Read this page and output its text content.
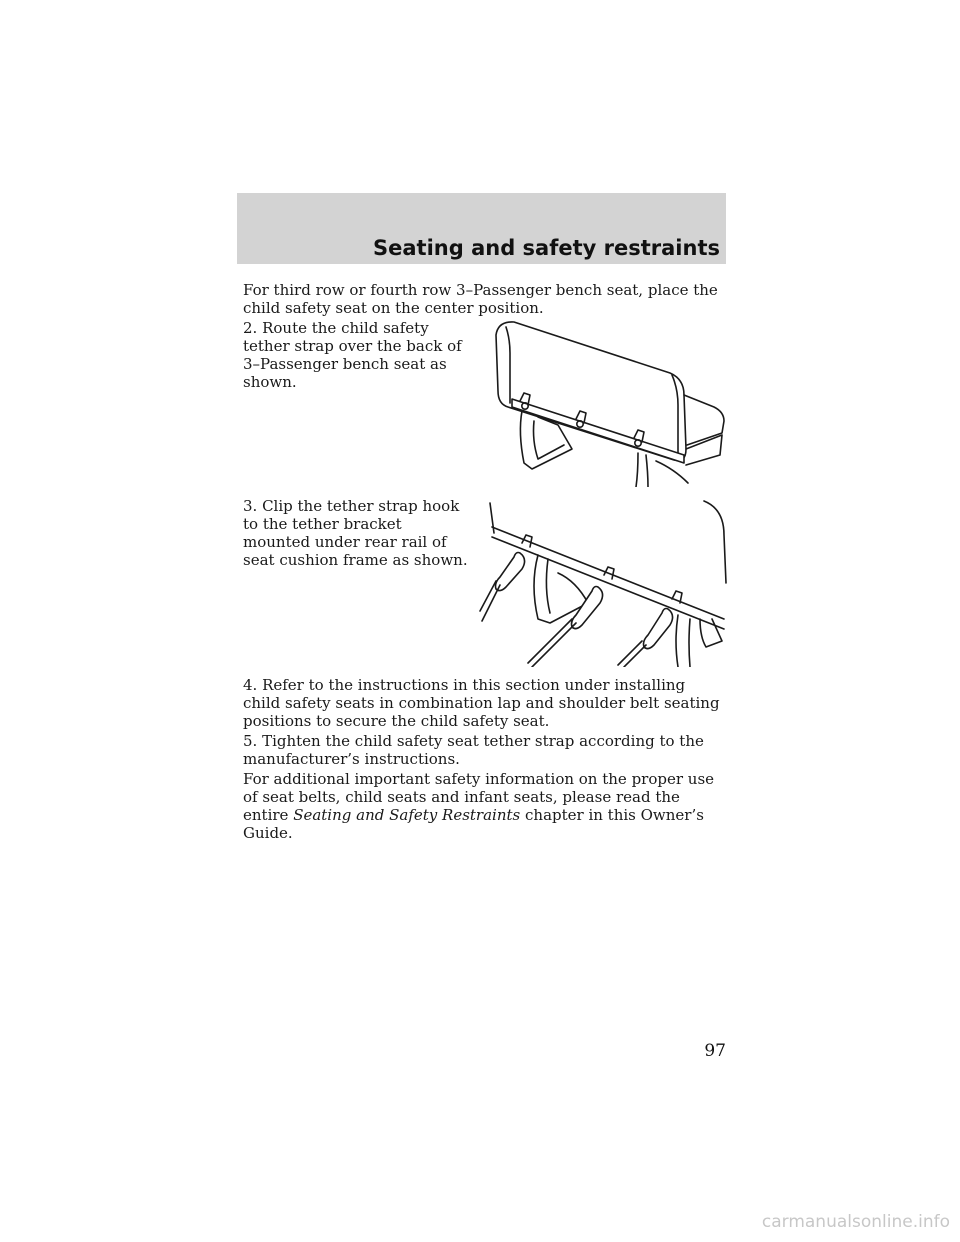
Seating and safety restraints

For third row or fourth row 3–Passenger bench seat, place the child safety seat on the center position.

2. Route the child safety tether strap over the back of 3–Passenger bench seat as shown.

3. Clip the tether strap hook to the tether bracket mounted under rear rail of seat cushion frame as shown.

4. Refer to the instructions in this section under installing child safety seats in combination lap and shoulder belt seating positions to secure the child safety seat.

5. Tighten the child safety seat tether strap according to the manufacturer’s instructions.

For additional important safety information on the proper use of seat belts, child seats and infant seats, please read the entire Seating and Safety Restraints chapter in this Owner’s Guide.

97
carmanualsonline.info
